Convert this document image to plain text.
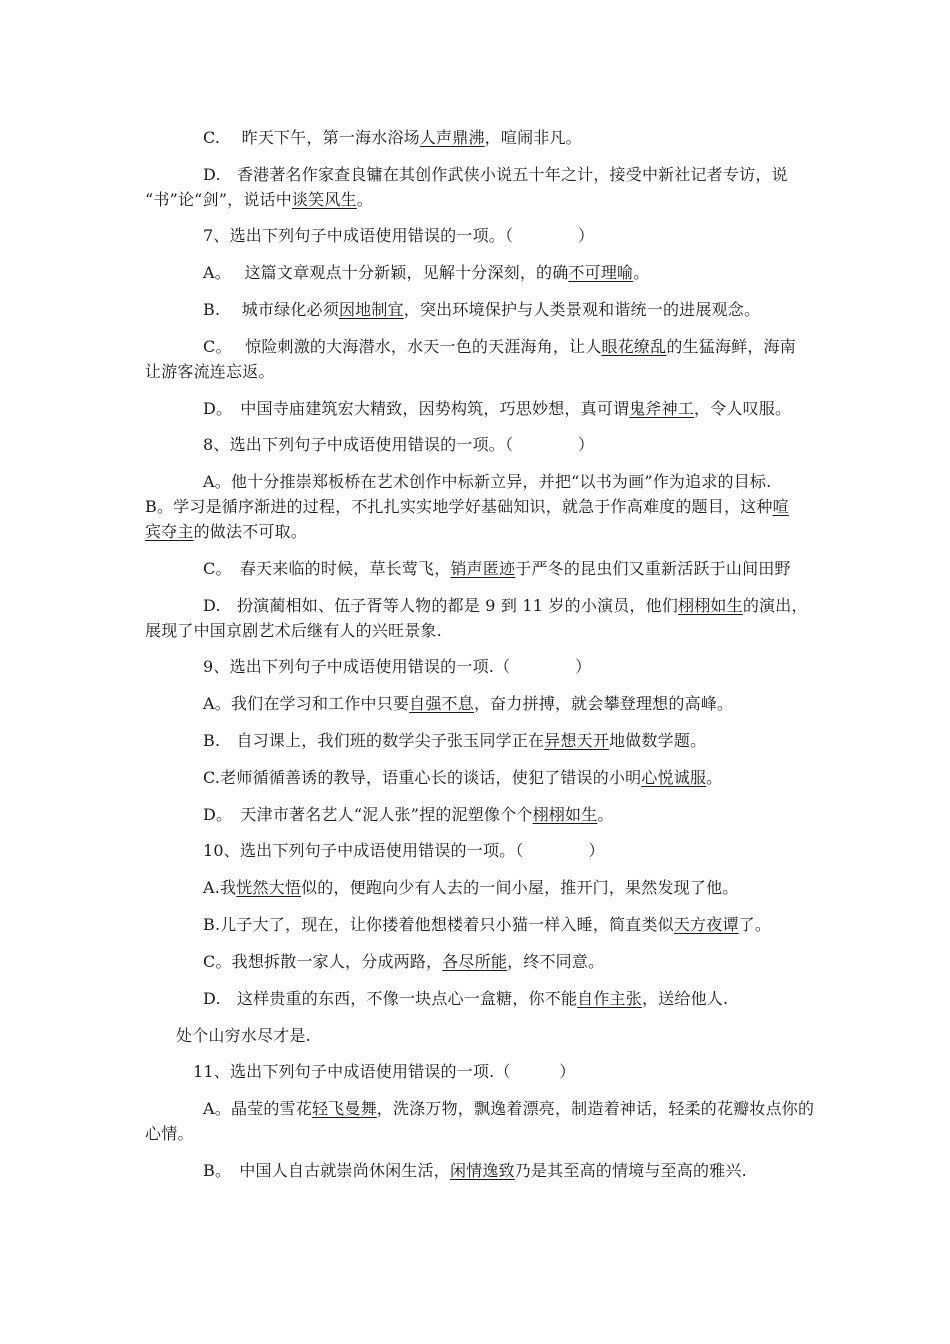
C.　 昨天下午，第一海水浴场人声鼎沸，喧闹非凡。
D.　香港著名作家查良镛在其创作武侠小说五十年之计，接受中新社记者专访，说
“书”论“剑”，说话中谈笑风生。
7、选出下列句子中成语使用错误的一项。（　　　　）
A。　 这篇文章观点十分新颖，见解十分深刻，的确不可理喻。
B.　 城市绿化必须因地制宜，突出环境保护与人类景观和谐统一的进展观念。
C。　 惊险刺激的大海潜水，水天一色的天涯海角，让人眼花缭乱的生猛海鲜，海南
让游客流连忘返。
D。　中国寺庙建筑宏大精致，因势构筑，巧思妙想，真可谓鬼斧神工，令人叹服。
8、选出下列句子中成语使用错误的一项。（　　　　）
A。他十分推崇郑板桥在艺术创作中标新立异，并把“以书为画”作为追求的目标.
B。学习是循序渐进的过程，不扎扎实实地学好基础知识，就急于作高难度的题目，这种喧
宾夺主的做法不可取。
C。　春天来临的时候，草长莺飞，销声匿迹于严冬的昆虫们又重新活跃于山间田野
D.　扮演蔺相如、伍子胥等人物的都是 9 到 11 岁的小演员，他们栩栩如生的演出，
展现了中国京剧艺术后继有人的兴旺景象.
9、选出下列句子中成语使用错误的一项.（　　　　）
A。我们在学习和工作中只要自强不息，奋力拼搏，就会攀登理想的高峰。
B.　自习课上，我们班的数学尖子张玉同学正在异想天开地做数学题。
C.老师循循善诱的教导，语重心长的谈话，使犯了错误的小明心悦诚服。
D。　天津市著名艺人“泥人张”捏的泥塑像个个栩栩如生。
10、选出下列句子中成语使用错误的一项。（　　　　）
A.我恍然大悟似的，便跑向少有人去的一间小屋，推开门，果然发现了他。
B.儿子大了，现在，让你搂着他想楼着只小猫一样入睡，简直类似天方夜谭了。
C。我想拆散一家人，分成两路，各尽所能，终不同意。
D.　这样贵重的东西，不像一块点心一盒糖，你不能自作主张，送给他人.
处个山穷水尽才是.
11、选出下列句子中成语使用错误的一项.（　　　）
A。晶莹的雪花轻飞曼舞，洗涤万物，飘逸着漂亮，制造着神话，轻柔的花瓣妆点你的
心情。
B。　中国人自古就崇尚休闲生活，闲情逸致乃是其至高的情境与至高的雅兴.
